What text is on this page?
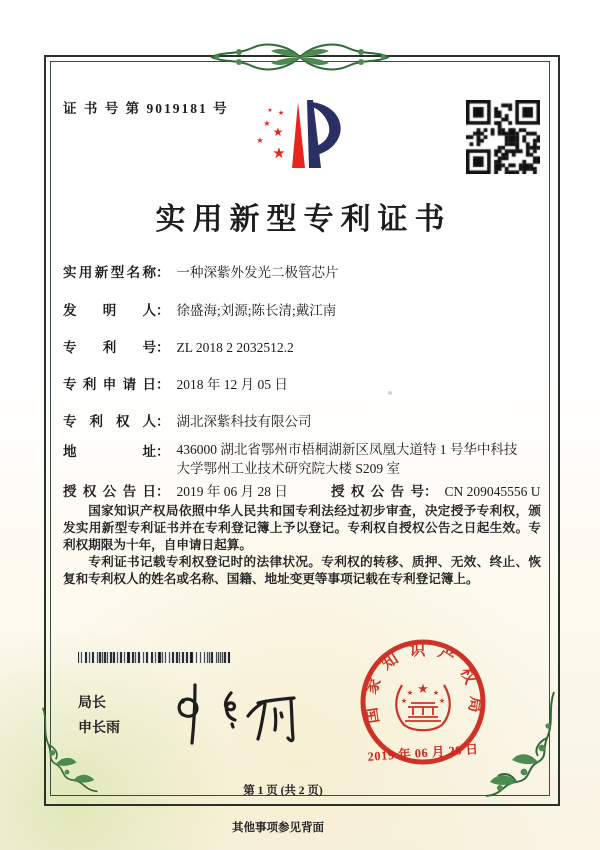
证 书 号 第 9019181 号
★
★
★
★
★
★
实用新型专利证书
实用新型名称： 一种深紫外发光二极管芯片
发明人： 徐盛海;刘源;陈长清;戴江南
专利号： ZL 2018 2 2032512.2
专利申请日： 2018 年 12 月 05 日
专利权人： 湖北深紫科技有限公司
地址： 436000 湖北省鄂州市梧桐湖新区凤凰大道特 1 号华中科技
大学鄂州工业技术研究院大楼 S209 室
授权公告日： 2019 年 06 月 28 日	授权公告号： CN 209045556 U

国家知识产权局依照中华人民共和国专利法经过初步审查，决定授予专利权，颁发实用新型专利证书并在专利登记簿上予以登记。专利权自授权公告之日起生效。专利权期限为十年，自申请日起算。

专利证书记载专利权登记时的法律状况。专利权的转移、质押、无效、终止、恢复和专利权人的姓名或名称、国籍、地址变更等事项记载在专利登记簿上。

局长
申长雨
国家知识产权局
★
★
★
★
★
2019 年 06 月 28 日
第 1 页 (共 2 页)
其他事项参见背面
